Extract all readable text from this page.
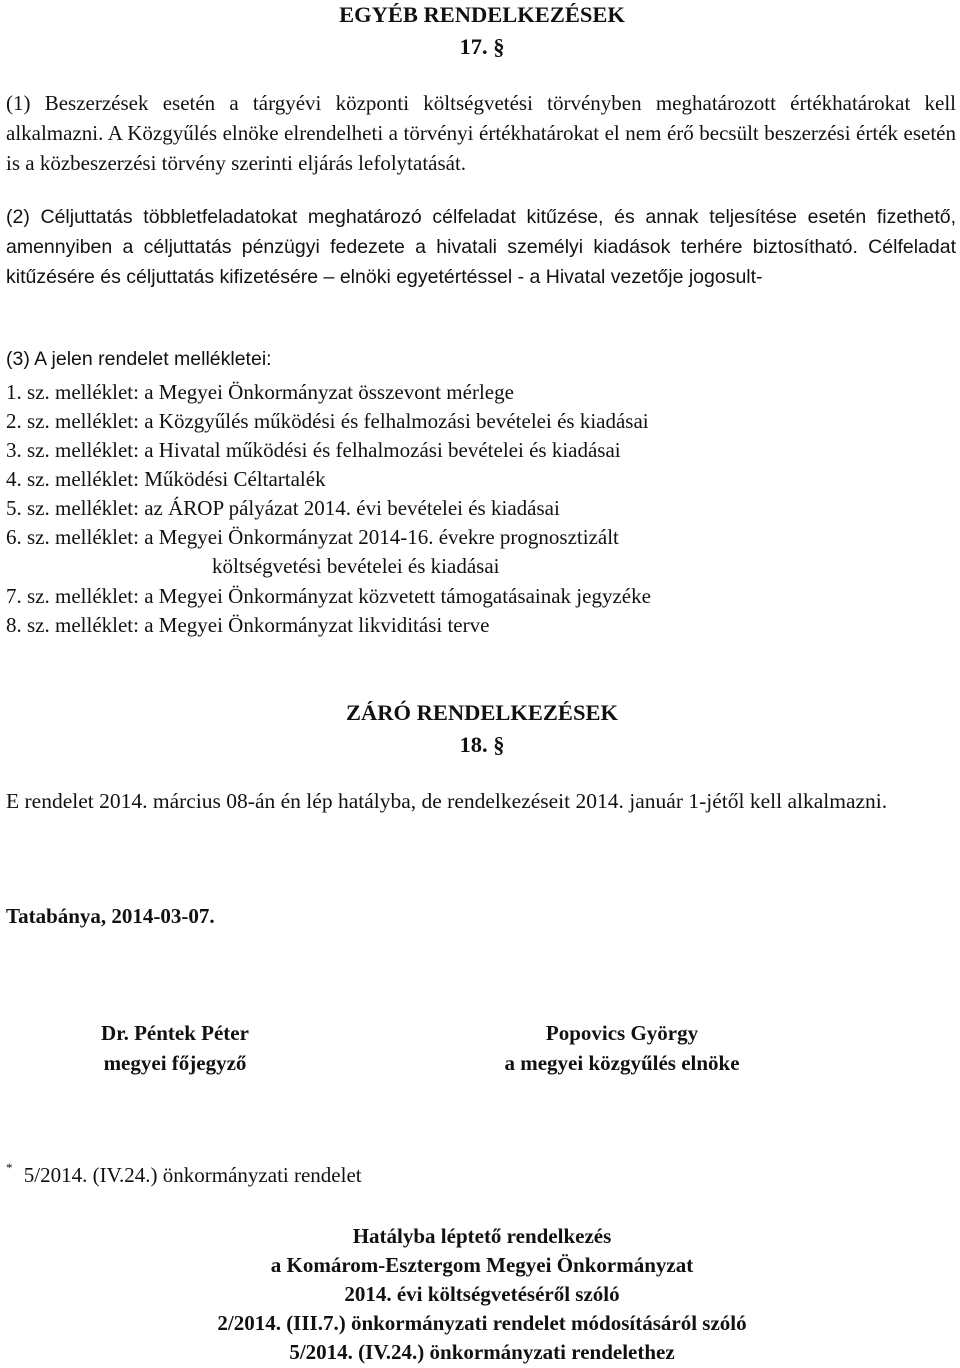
EGYÉB RENDELKEZÉSEK
17. §
(1) Beszerzések esetén a tárgyévi központi költségvetési törvényben meghatározott értékhatárokat kell alkalmazni. A Közgyűlés elnöke elrendelheti a törvényi értékhatárokat el nem érő becsült beszerzési érték esetén is a közbeszerzési törvény szerinti eljárás lefolytatását.
(2) Céljuttatás többletfeladatokat meghatározó célfeladat kitűzése, és annak teljesítése esetén fizethető, amennyiben a céljuttatás pénzügyi fedezete a hivatali személyi kiadások terhére biztosítható. Célfeladat kitűzésére és céljuttatás kifizetésére – elnöki egyetértéssel - a Hivatal vezetője jogosult-
(3) A jelen rendelet mellékletei:
1. sz. melléklet: a Megyei Önkormányzat összevont mérlege
2. sz. melléklet: a Közgyűlés működési és felhalmozási bevételei és kiadásai
3. sz. melléklet: a Hivatal működési és felhalmozási bevételei és kiadásai
4. sz. melléklet: Működési Céltartalék
5. sz. melléklet: az ÁROP pályázat 2014. évi bevételei és kiadásai
6. sz. melléklet: a Megyei Önkormányzat 2014-16. évekre prognosztizált
költségvetési bevételei és kiadásai
7. sz. melléklet: a Megyei Önkormányzat közvetett támogatásainak jegyzéke
8. sz. melléklet: a Megyei Önkormányzat likviditási terve
ZÁRÓ RENDELKEZÉSEK
18. §
E rendelet 2014. március 08-án én lép hatályba, de rendelkezéseit 2014. január 1-jétől kell alkalmazni.
Tatabánya, 2014-03-07.
Dr. Péntek Péter
megyei főjegyző
Popovics György
a megyei közgyűlés elnöke
* 5/2014. (IV.24.) önkormányzati rendelet
Hatályba léptető rendelkezés
a Komárom-Esztergom Megyei Önkormányzat
2014. évi költségvetéséről szóló
2/2014. (III.7.) önkormányzati rendelet módosításáról szóló
5/2014. (IV.24.) önkormányzati rendelethez
